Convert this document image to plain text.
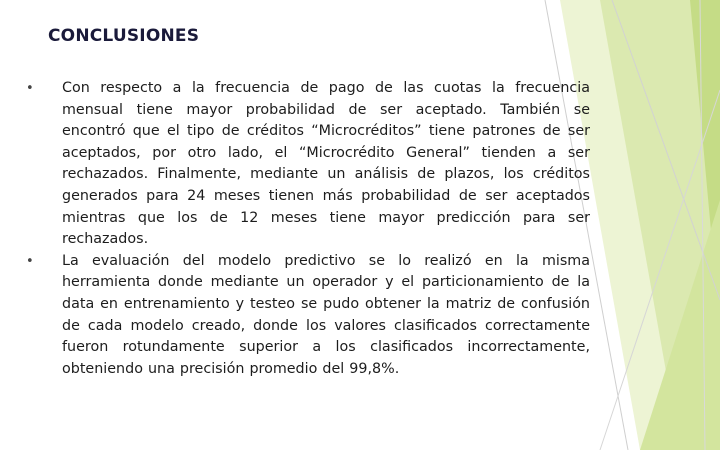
CONCLUSIONES
• Con respecto a la frecuencia de pago de las cuotas la frecuencia mensual tiene mayor probabilidad de ser aceptado. También se encontró que el tipo de créditos “Microcréditos” tiene patrones de ser aceptados, por otro lado, el “Microcrédito General” tienden a ser rechazados. Finalmente, mediante un análisis de plazos, los créditos generados para 24 meses tienen más probabilidad de ser aceptados mientras que los de 12 meses tiene mayor predicción para ser rechazados.
• La evaluación del modelo predictivo se lo realizó en la misma herramienta donde mediante un operador y el particionamiento de la data en entrenamiento y testeo se pudo obtener la matriz de confusión de cada modelo creado, donde los valores clasificados correctamente fueron rotundamente superior a los clasificados incorrectamente, obteniendo una precisión promedio del 99,8%.
